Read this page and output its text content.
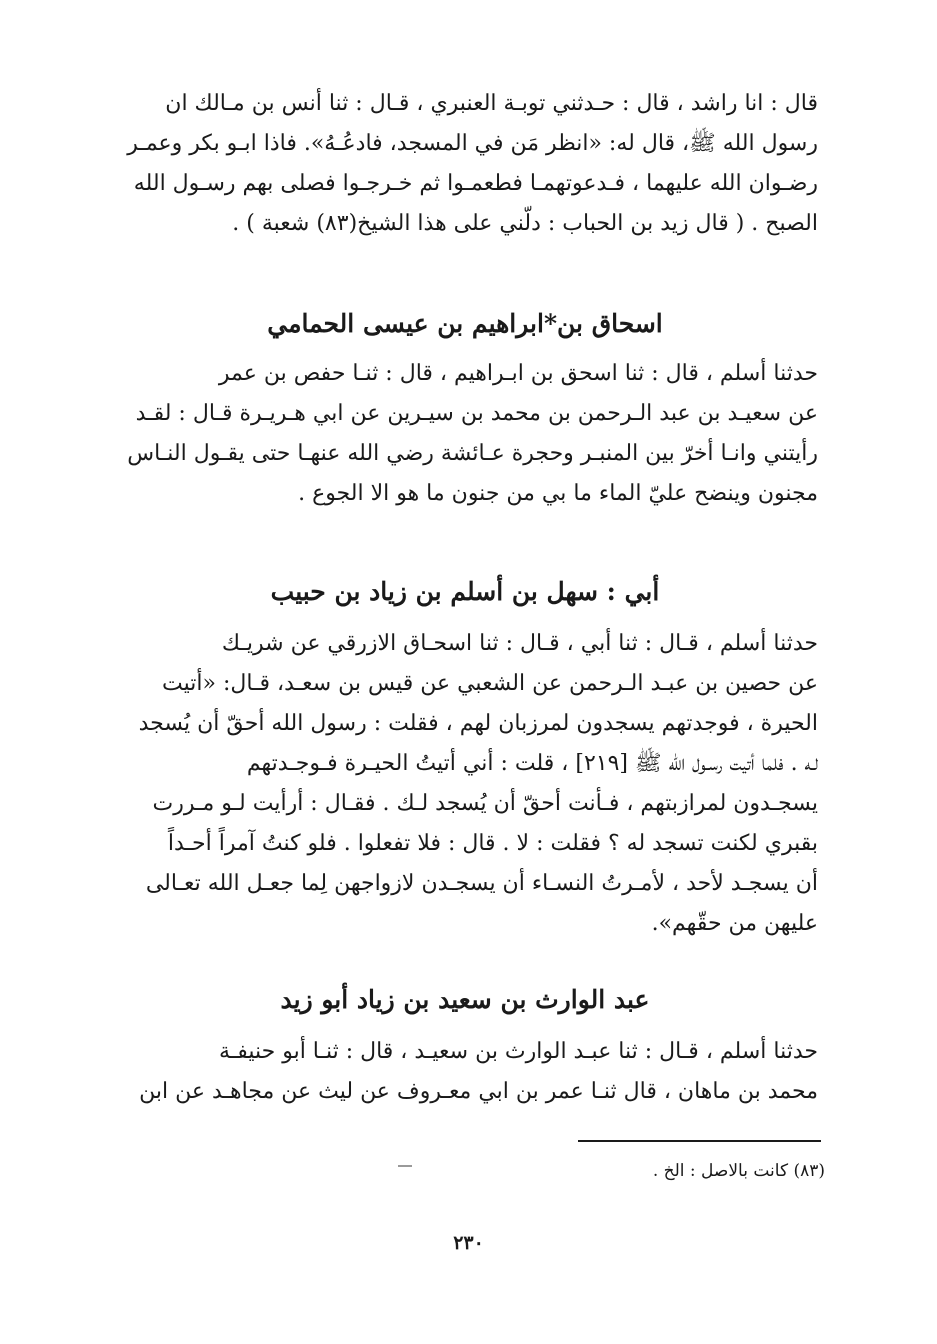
قال : انا راشد ، قال : حـدثني توبـة العنبري ، قـال : ثنا أنس بن مـالك ان

رسول الله ﷺ، قال له: «انظر مَن في المسجد، فادعُـهُ». فاذا ابـو بكر وعمـر

رضـوان الله عليهما ، فـدعوتهمـا فطعمـوا ثم خـرجـوا فصلى بهم رسـول الله

الصبح . ( قال زيد بن الحباب : دلّني على هذا الشيخ(٨٣) شعبة ) .

اسحاق بن*ابراهيم بن عيسى الحمامي

حدثنا أسلم ، قال : ثنا اسحق بن ابـراهيم ، قال : ثنـا حفص بن عمر

عن سعيـد بن عبد الـرحمن بن محمد بن سيـرين عن ابي هـريـرة قـال : لقـد

رأيتني وانـا أخرّ بين المنبـر وحجرة عـائشة رضي الله عنهـا حتى يقـول النـاس

مجنون وينضح عليّ الماء ما بي من جنون ما هو الا الجوع .

أبي : سهل بن أسلم بن زياد بن حبيب

حدثنا أسلم ، قـال : ثنا أبي ، قـال : ثنا اسحـاق الازرقي عن شريـك

عن حصين بن عبـد الـرحمن عن الشعبي عن قيس بن سعـد، قـال: «أتيت

الحيرة ، فوجدتهم يسجدون لمرزبان لهم ، فقلت : رسول الله أحقّ أن يُسجد

لـه . فلما أتيت رسـول الله ﷺ [٢١٩] ، قلت : أني أتيتُ الحيـرة فـوجـدتهم

يسجـدون لمرازبتهم ، فـأنت أحقّ أن يُسجد لـك . فقـال : أرأيت لـو مـررت

بقبري لكنت تسجد له ؟ فقلت : لا . قال : فلا تفعلوا . فلو كنتُ آمراً أحـداً

أن يسجـد لأحد ، لأمـرتُ النسـاء أن يسجـدن لازواجهن لِما جعـل الله تعـالى

عليهن من حقّهم».

عبد الوارث بن سعيد بن زياد أبو زيد

حدثنا أسلم ، قـال : ثنا عبـد الوارث بن سعيـد ، قال : ثنـا أبو حنيفـة

محمد بن ماهان ، قال ثنـا عمر بن ابي معـروف عن ليث عن مجاهـد عن ابن

(٨٣) كانت بالاصل : الخ .
٢٣٠
